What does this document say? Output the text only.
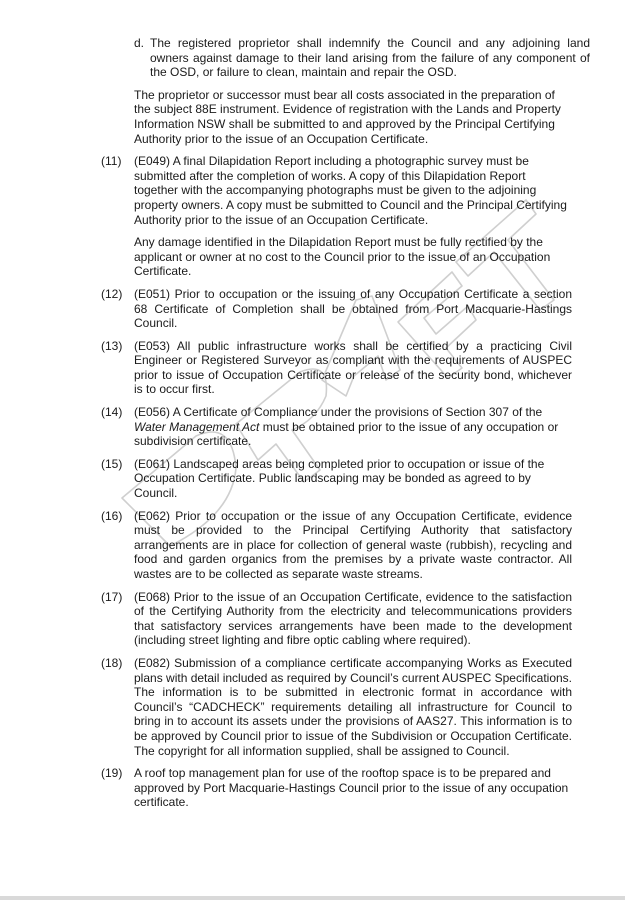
d. The registered proprietor shall indemnify the Council and any adjoining land owners against damage to their land arising from the failure of any component of the OSD, or failure to clean, maintain and repair the OSD.
The proprietor or successor must bear all costs associated in the preparation of the subject 88E instrument. Evidence of registration with the Lands and Property Information NSW shall be submitted to and approved by the Principal Certifying Authority prior to the issue of an Occupation Certificate.
(11) (E049) A final Dilapidation Report including a photographic survey must be submitted after the completion of works. A copy of this Dilapidation Report together with the accompanying photographs must be given to the adjoining property owners. A copy must be submitted to Council and the Principal Certifying Authority prior to the issue of an Occupation Certificate.
Any damage identified in the Dilapidation Report must be fully rectified by the applicant or owner at no cost to the Council prior to the issue of an Occupation Certificate.
(12) (E051) Prior to occupation or the issuing of any Occupation Certificate a section 68 Certificate of Completion shall be obtained from Port Macquarie-Hastings Council.
(13) (E053) All public infrastructure works shall be certified by a practicing Civil Engineer or Registered Surveyor as compliant with the requirements of AUSPEC prior to issue of Occupation Certificate or release of the security bond, whichever is to occur first.
(14) (E056) A Certificate of Compliance under the provisions of Section 307 of the Water Management Act must be obtained prior to the issue of any occupation or subdivision certificate.
(15) (E061) Landscaped areas being completed prior to occupation or issue of the Occupation Certificate. Public landscaping may be bonded as agreed to by Council.
(16) (E062) Prior to occupation or the issue of any Occupation Certificate, evidence must be provided to the Principal Certifying Authority that satisfactory arrangements are in place for collection of general waste (rubbish), recycling and food and garden organics from the premises by a private waste contractor. All wastes are to be collected as separate waste streams.
(17) (E068) Prior to the issue of an Occupation Certificate, evidence to the satisfaction of the Certifying Authority from the electricity and telecommunications providers that satisfactory services arrangements have been made to the development (including street lighting and fibre optic cabling where required).
(18) (E082) Submission of a compliance certificate accompanying Works as Executed plans with detail included as required by Council’s current AUSPEC Specifications. The information is to be submitted in electronic format in accordance with Council’s “CADCHECK” requirements detailing all infrastructure for Council to bring in to account its assets under the provisions of AAS27. This information is to be approved by Council prior to issue of the Subdivision or Occupation Certificate. The copyright for all information supplied, shall be assigned to Council.
(19) A roof top management plan for use of the rooftop space is to be prepared and approved by Port Macquarie-Hastings Council prior to the issue of any occupation certificate.
